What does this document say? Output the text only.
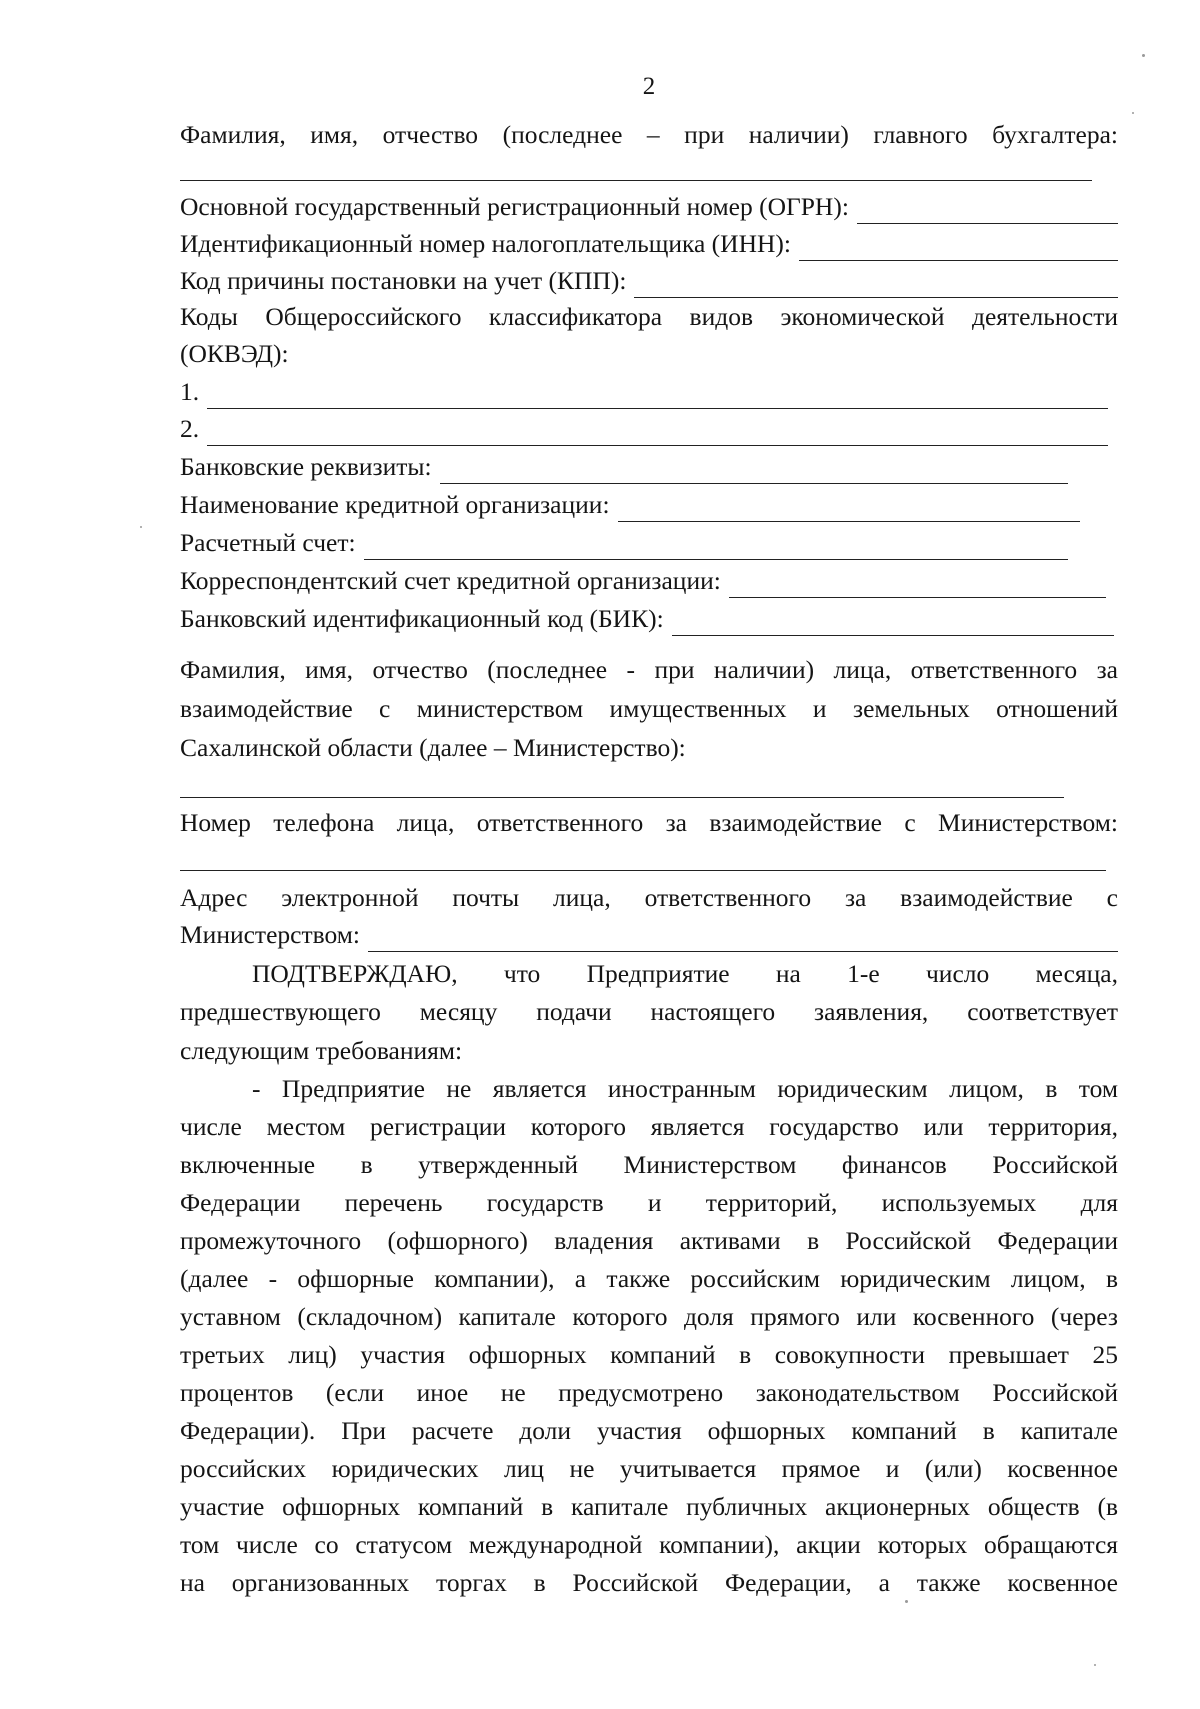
2
Фамилия, имя, отчество (последнее – при наличии) главного бухгалтера:
Основной государственный регистрационный номер (ОГРН):
Идентификационный номер налогоплательщика (ИНН):
Код причины постановки на учет (КПП):
Коды Общероссийского классификатора видов экономической деятельности
(ОКВЭД):
1.
2.
Банковские реквизиты:
Наименование кредитной организации:
Расчетный счет:
Корреспондентский счет кредитной организации:
Банковский идентификационный код (БИК):
Фамилия, имя, отчество (последнее - при наличии) лица, ответственного за
взаимодействие с министерством имущественных и земельных отношений
Сахалинской области (далее – Министерство):
Номер телефона лица, ответственного за взаимодействие с Министерством:
Адрес электронной почты лица, ответственного за взаимодействие с
Министерством:
ПОДТВЕРЖДАЮ, что Предприятие на 1-е число месяца,
предшествующего месяцу подачи настоящего заявления, соответствует
следующим требованиям:
- Предприятие не является иностранным юридическим лицом, в том
числе местом регистрации которого является государство или территория,
включенные в утвержденный Министерством финансов Российской
Федерации перечень государств и территорий, используемых для
промежуточного (офшорного) владения активами в Российской Федерации
(далее - офшорные компании), а также российским юридическим лицом, в
уставном (складочном) капитале которого доля прямого или косвенного (через
третьих лиц) участия офшорных компаний в совокупности превышает 25
процентов (если иное не предусмотрено законодательством Российской
Федерации). При расчете доли участия офшорных компаний в капитале
российских юридических лиц не учитывается прямое и (или) косвенное
участие офшорных компаний в капитале публичных акционерных обществ (в
том числе со статусом международной компании), акции которых обращаются
на организованных торгах в Российской Федерации, а также косвенное
